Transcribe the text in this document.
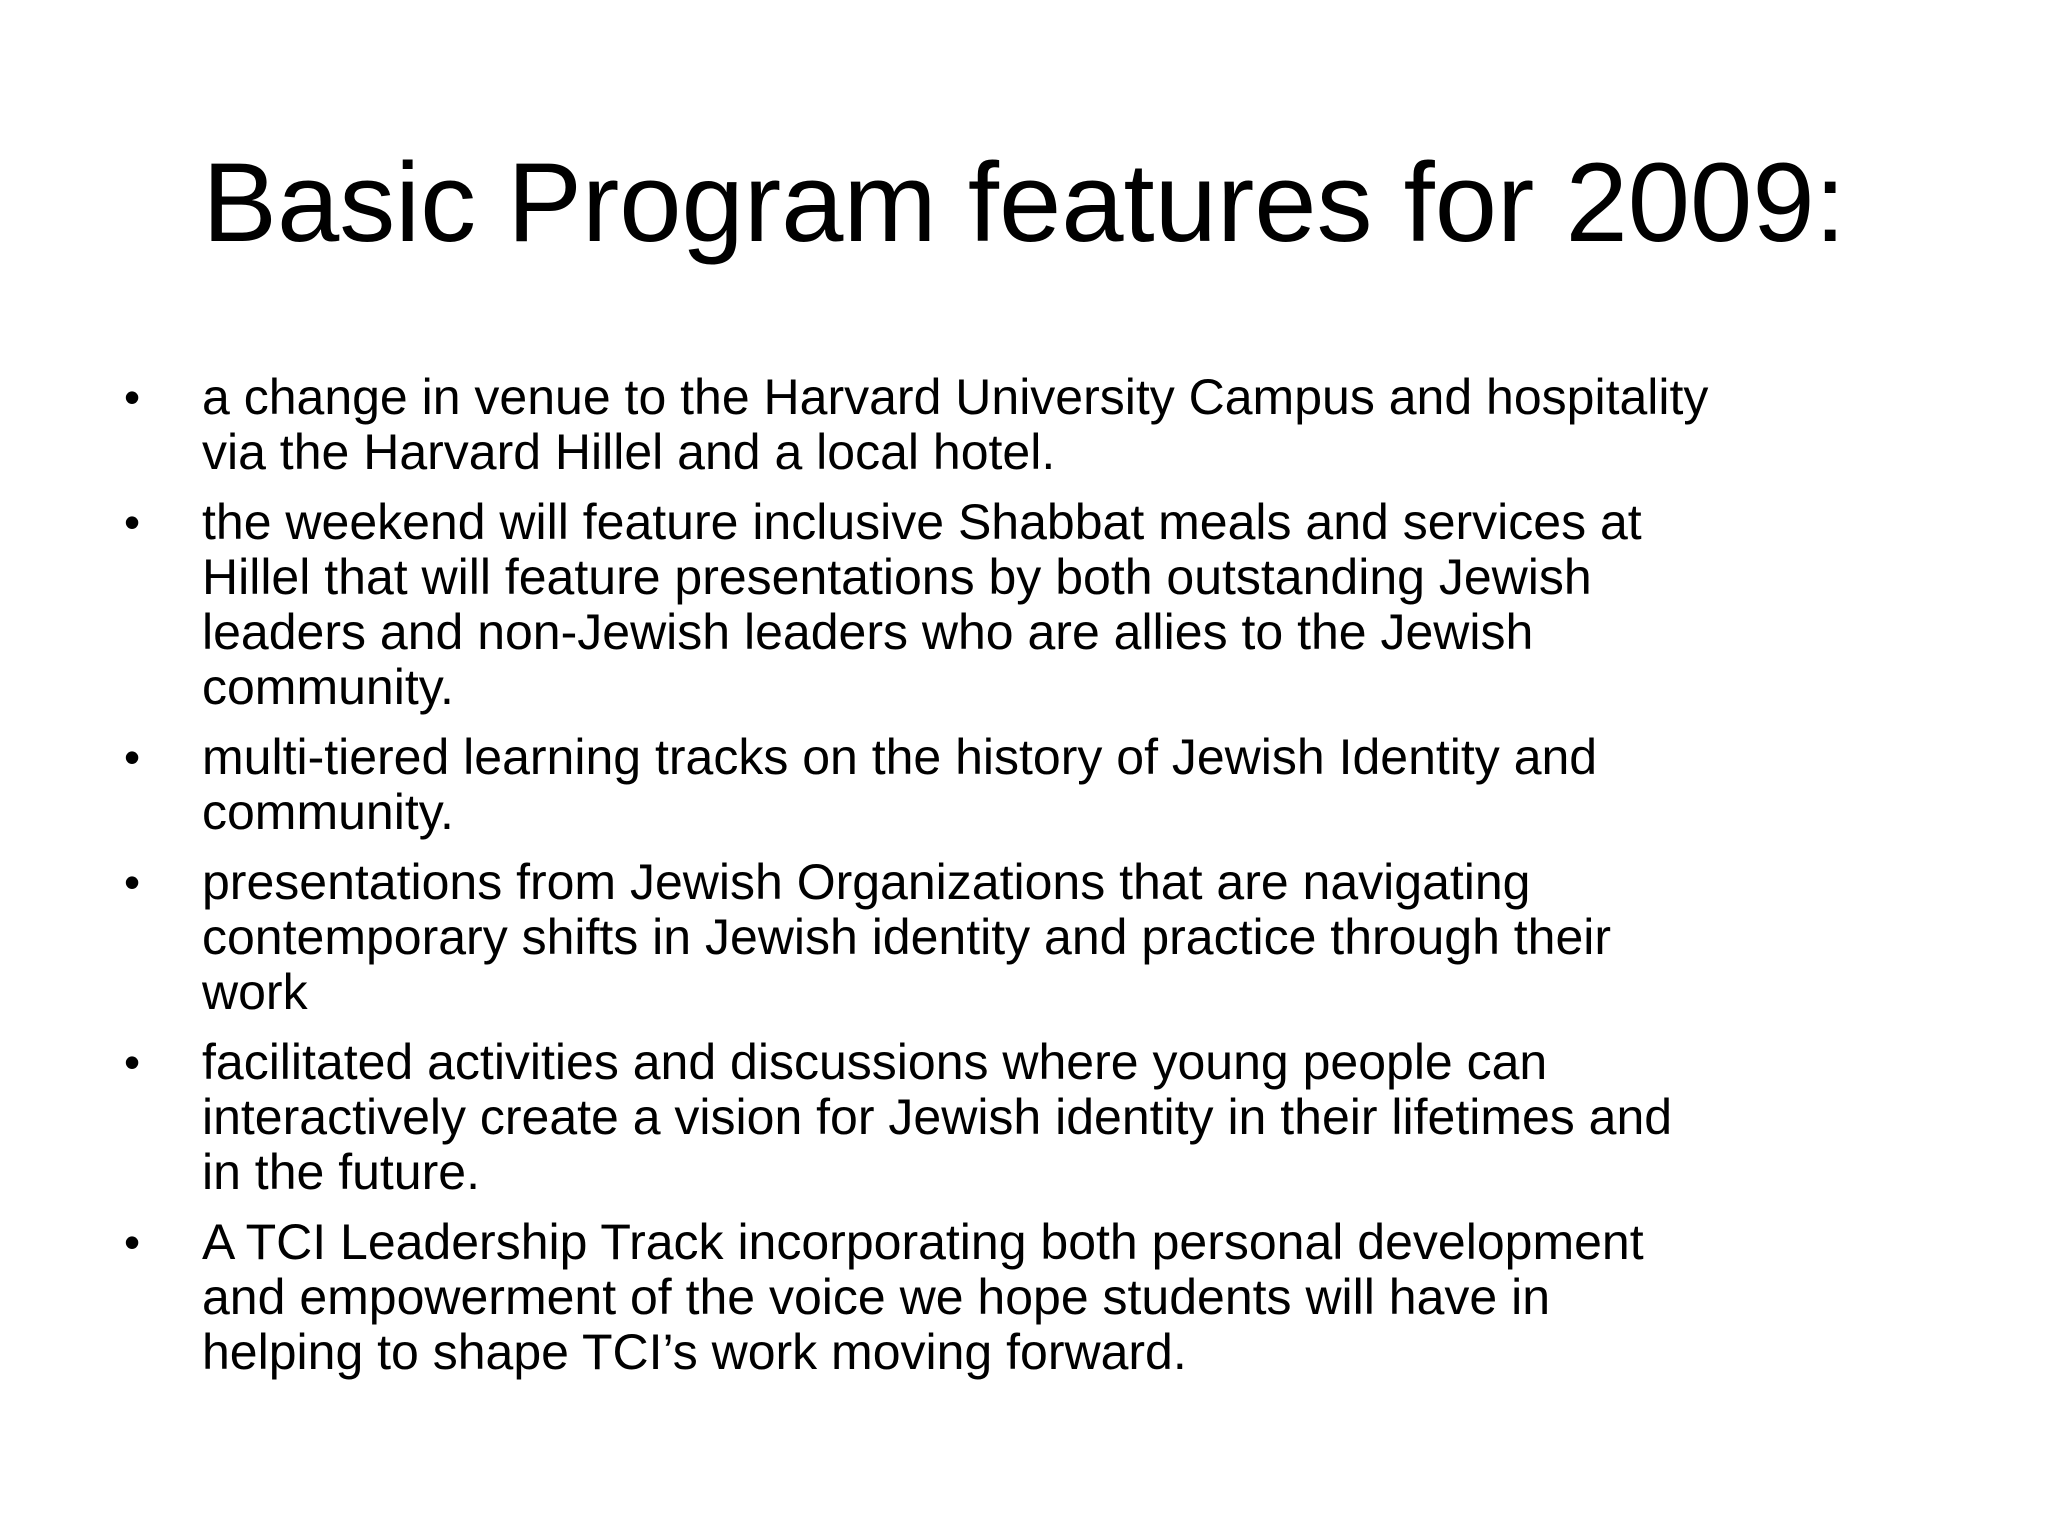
Basic Program features for 2009:
• a change in venue to the Harvard University Campus and hospitality
via the Harvard Hillel and a local hotel.
• the weekend will feature inclusive Shabbat meals and services at
Hillel that will feature presentations by both outstanding Jewish
leaders and non-Jewish leaders who are allies to the Jewish
community.
• multi-tiered learning tracks on the history of Jewish Identity and
community.
• presentations from Jewish Organizations that are navigating
contemporary shifts in Jewish identity and practice through their
work
• facilitated activities and discussions where young people can
interactively create a vision for Jewish identity in their lifetimes and
in the future.
• A TCI Leadership Track incorporating both personal development
and empowerment of the voice we hope students will have in
helping to shape TCI’s work moving forward.
